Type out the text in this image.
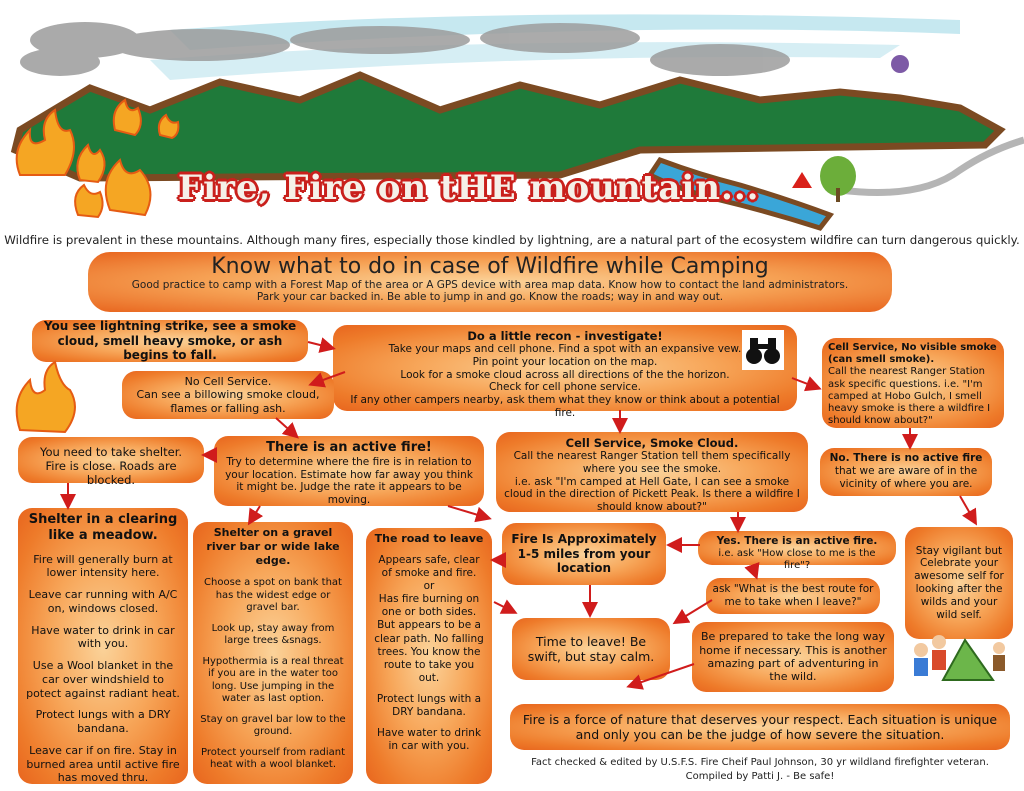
Fire, Fire on tHE mountain...
Wildfire is prevalent in these mountains. Although many fires, especially those kindled by lightning, are a natural part of the ecosystem wildfire can turn dangerous quickly.
Know what to do in case of Wildfire while Camping
Good practice to camp with a Forest Map of the area or A GPS device with area map data. Know how to contact the land administrators.
Park your car backed in. Be able to jump in and go. Know the roads; way in and way out.
You see lightning strike, see a smoke cloud, smell heavy smoke, or ash begins to fall.
Do a little recon - investigate!
Take your maps and cell phone. Find a spot with an expansive vew.
Pin point your location on the map.
Look for a smoke cloud across all directions of the the horizon.
Check for cell phone service.
If any other campers nearby, ask them what they know or think about a potential fire.
Cell Service, No visible smoke (can smell smoke).
Call the nearest Ranger Station ask specific questions. i.e. "I'm camped at Hobo Gulch, I smell heavy smoke is there a wildfire I should know about?"
No Cell Service.
Can see a billowing smoke cloud, flames or falling ash.
You need to take shelter.
Fire is close. Roads are blocked.
There is an active fire!
Try to determine where the fire is in relation to your location. Estimate how far away you think it might be. Judge the rate it appears to be moving.
Cell Service, Smoke Cloud.
Call the nearest Ranger Station tell them specifically where you see the smoke.
i.e. ask "I'm camped at Hell Gate, I can see a smoke cloud in the direction of Pickett Peak. Is there a wildfire I should know about?"
No. There is no active fire
that we are aware of in the vicinity of where you are.
Shelter in a clearing like a meadow.

Fire will generally burn at lower intensity here.

Leave car running with A/C on, windows closed.

Have water to drink in car with you.

Use a Wool blanket in the car over windshield to potect against radiant heat.

Protect lungs with a DRY bandana.

Leave car if on fire. Stay in burned area until active fire has moved thru.

Shelter on a gravel river bar or wide lake edge.

Choose a spot on bank that has the widest edge or gravel bar.

Look up, stay away from large trees &snags.

Hypothermia is a real threat if you are in the water too long. Use jumping in the water as last option.

Stay on gravel bar low to the ground.

Protect yourself from radiant heat with a wool blanket.

The road to leave
Appears safe, clear of smoke and fire.
or

Has fire burning on one or both sides. But appears to be a clear path. No falling trees. You know the route to take you out.

Protect lungs with a DRY bandana.

Have water to drink in car with you.

Fire Is Approximately 1-5 miles from your location
Yes. There is an active fire.
i.e. ask "How close to me is the fire"?
Stay vigilant but Celebrate your awesome self for looking after the wilds and your wild self.
ask "What is the best route for me to take when I leave?"
Time to leave! Be swift, but stay calm.
Be prepared to take the long way home if necessary. This is another amazing part of adventuring in the wild.
Fire is a force of nature that deserves your respect. Each situation is unique and only you can be the judge of how severe the situation.
Fact checked & edited by U.S.F.S. Fire Cheif Paul Johnson, 30 yr wildland firefighter veteran.
Compiled by Patti J. - Be safe!
